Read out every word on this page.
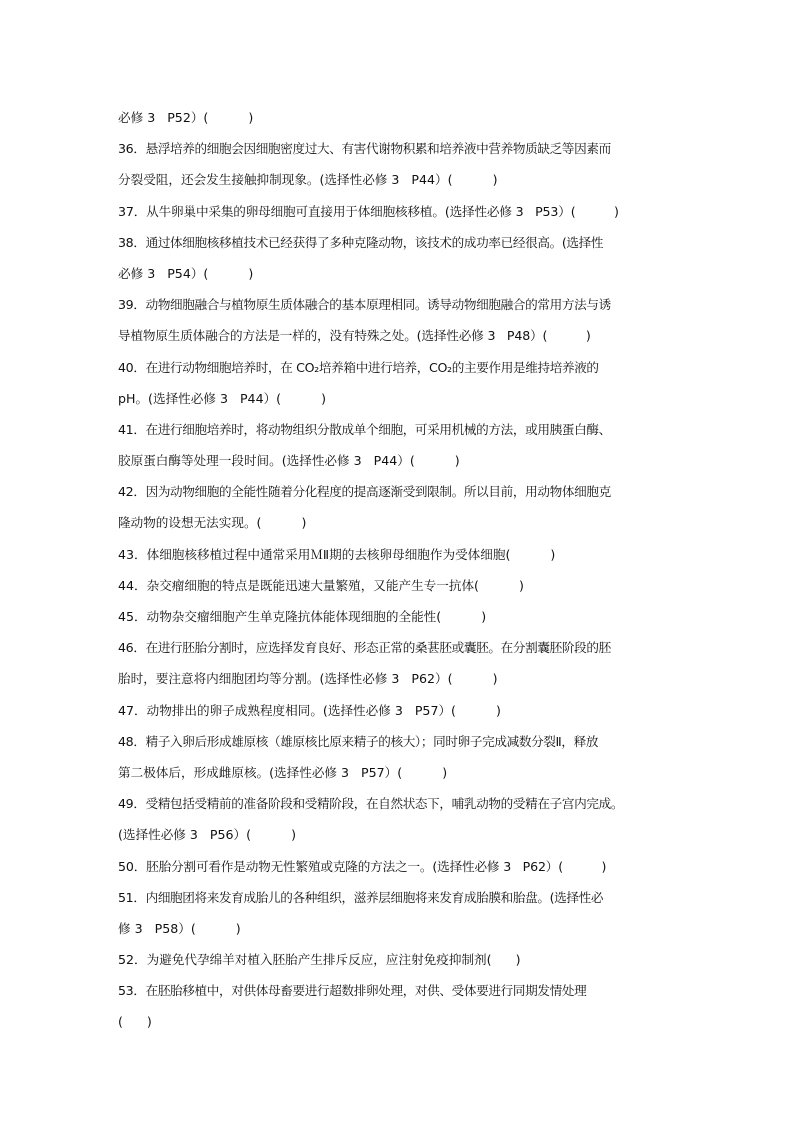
必修 3   P52）(          )
36．悬浮培养的细胞会因细胞密度过大、有害代谢物积累和培养液中营养物质缺乏等因素而
分裂受阻，还会发生接触抑制现象。(选择性必修 3   P44）(          )
37．从牛卵巢中采集的卵母细胞可直接用于体细胞核移植。(选择性必修 3   P53）(          )
38．通过体细胞核移植技术已经获得了多种克隆动物，该技术的成功率已经很高。(选择性
必修 3   P54）(          )
39．动物细胞融合与植物原生质体融合的基本原理相同。诱导动物细胞融合的常用方法与诱
导植物原生质体融合的方法是一样的，没有特殊之处。(选择性必修 3   P48）(          )
40．在进行动物细胞培养时，在 CO₂培养箱中进行培养，CO₂的主要作用是维持培养液的
pH。(选择性必修 3   P44）(          )
41．在进行细胞培养时，将动物组织分散成单个细胞，可采用机械的方法，或用胰蛋白酶、
胶原蛋白酶等处理一段时间。(选择性必修 3   P44）(          )
42．因为动物细胞的全能性随着分化程度的提高逐渐受到限制。所以目前，用动物体细胞克
隆动物的设想无法实现。(          )
43．体细胞核移植过程中通常采用ＭⅡ期的去核卵母细胞作为受体细胞(          )
44．杂交瘤细胞的特点是既能迅速大量繁殖，又能产生专一抗体(          )
45．动物杂交瘤细胞产生单克隆抗体能体现细胞的全能性(          )
46．在进行胚胎分割时，应选择发育良好、形态正常的桑葚胚或囊胚。在分割囊胚阶段的胚
胎时，要注意将内细胞团均等分割。(选择性必修 3   P62）(          )
47．动物排出的卵子成熟程度相同。(选择性必修 3   P57）(          )
48．精子入卵后形成雄原核（雄原核比原来精子的核大）；同时卵子完成减数分裂Ⅱ，释放
第二极体后，形成雌原核。(选择性必修 3   P57）(          )
49．受精包括受精前的准备阶段和受精阶段，在自然状态下，哺乳动物的受精在子宫内完成。
(选择性必修 3   P56）(          )
50．胚胎分割可看作是动物无性繁殖或克隆的方法之一。(选择性必修 3   P62）(          )
51．内细胞团将来发育成胎儿的各种组织，滋养层细胞将来发育成胎膜和胎盘。(选择性必
修 3   P58）(          )
52．为避免代孕绵羊对植入胚胎产生排斥反应，应注射免疫抑制剂(      )
53．在胚胎移植中，对供体母畜要进行超数排卵处理，对供、受体要进行同期发情处理
(      )
